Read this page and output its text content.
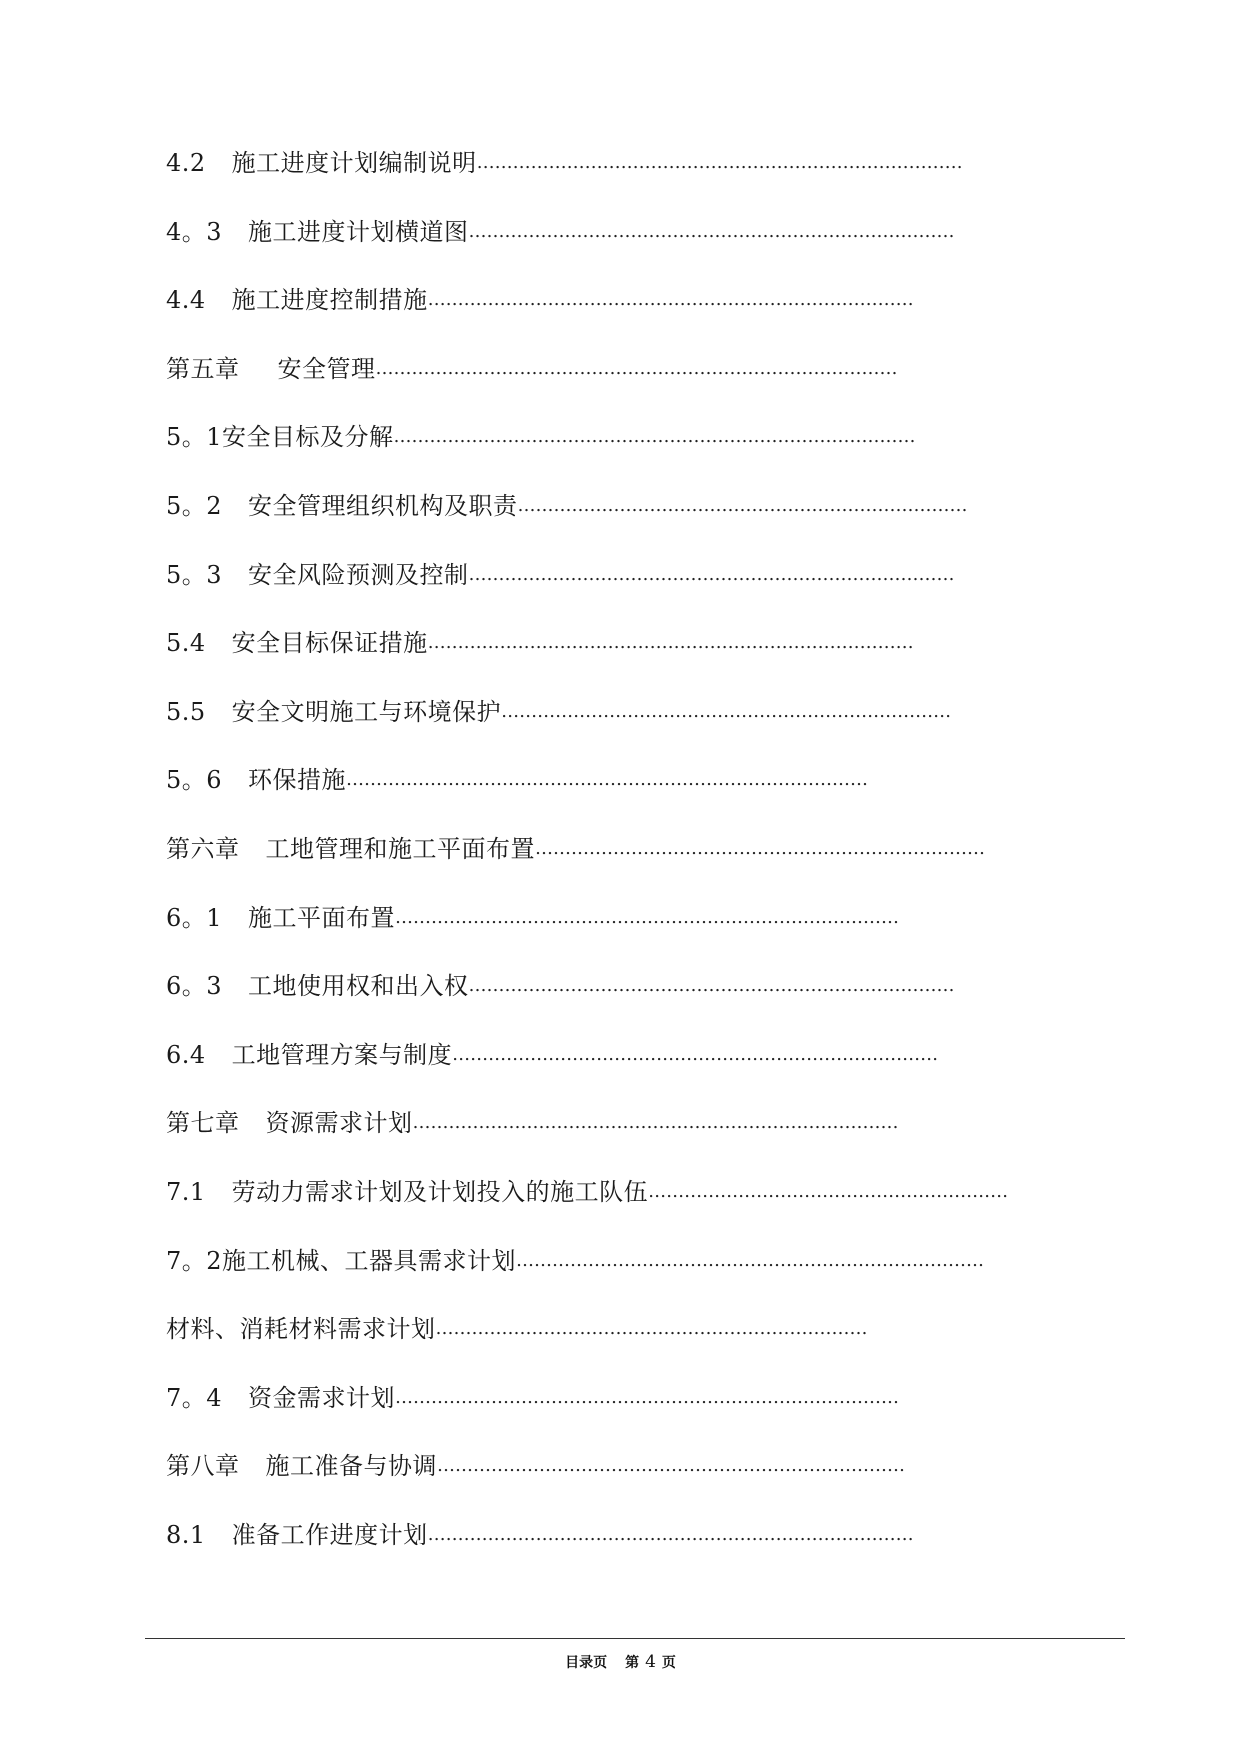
4.2 施工进度计划编制说明………………………………………………………………………
4。3 施工进度计划横道图………………………………………………………………………
4.4 施工进度控制措施………………………………………………………………………
第五章 安全管理……………………………………………………………………………
5。1安全目标及分解……………………………………………………………………………
5。2 安全管理组织机构及职责…………………………………………………………………
5。3 安全风险预测及控制………………………………………………………………………
5.4 安全目标保证措施………………………………………………………………………
5.5 安全文明施工与环境保护…………………………………………………………………
5。6 环保措施……………………………………………………………………………
第六章 工地管理和施工平面布置…………………………………………………………………
6。1 施工平面布置…………………………………………………………………………
6。3 工地使用权和出入权………………………………………………………………………
6.4 工地管理方案与制度………………………………………………………………………
第七章 资源需求计划………………………………………………………………………
7.1 劳动力需求计划及计划投入的施工队伍……………………………………………………
7。2施工机械、工器具需求计划……………………………………………………………………
材料、消耗材料需求计划………………………………………………………………
7。4 资金需求计划…………………………………………………………………………
第八章 施工准备与协调……………………………………………………………………
8.1 准备工作进度计划………………………………………………………………………
目录页 第 4 页
